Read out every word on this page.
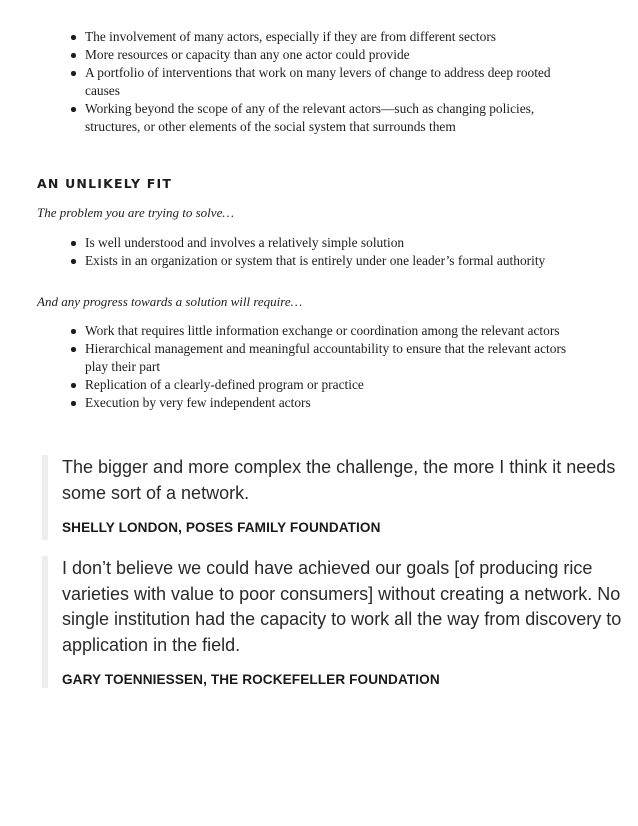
The involvement of many actors, especially if they are from different sectors
More resources or capacity than any one actor could provide
A portfolio of interventions that work on many levers of change to address deep rooted causes
Working beyond the scope of any of the relevant actors—such as changing policies, structures, or other elements of the social system that surrounds them
AN UNLIKELY FIT
The problem you are trying to solve…
Is well understood and involves a relatively simple solution
Exists in an organization or system that is entirely under one leader’s formal authority
And any progress towards a solution will require…
Work that requires little information exchange or coordination among the relevant actors
Hierarchical management and meaningful accountability to ensure that the relevant actors play their part
Replication of a clearly-defined program or practice
Execution by very few independent actors

The bigger and more complex the challenge, the more I think it needs some sort of a network.

SHELLY LONDON, POSES FAMILY FOUNDATION

I don’t believe we could have achieved our goals [of producing rice varieties with value to poor consumers] without creating a network. No single institution had the capacity to work all the way from discovery to application in the field.

GARY TOENNIESSEN, THE ROCKEFELLER FOUNDATION
